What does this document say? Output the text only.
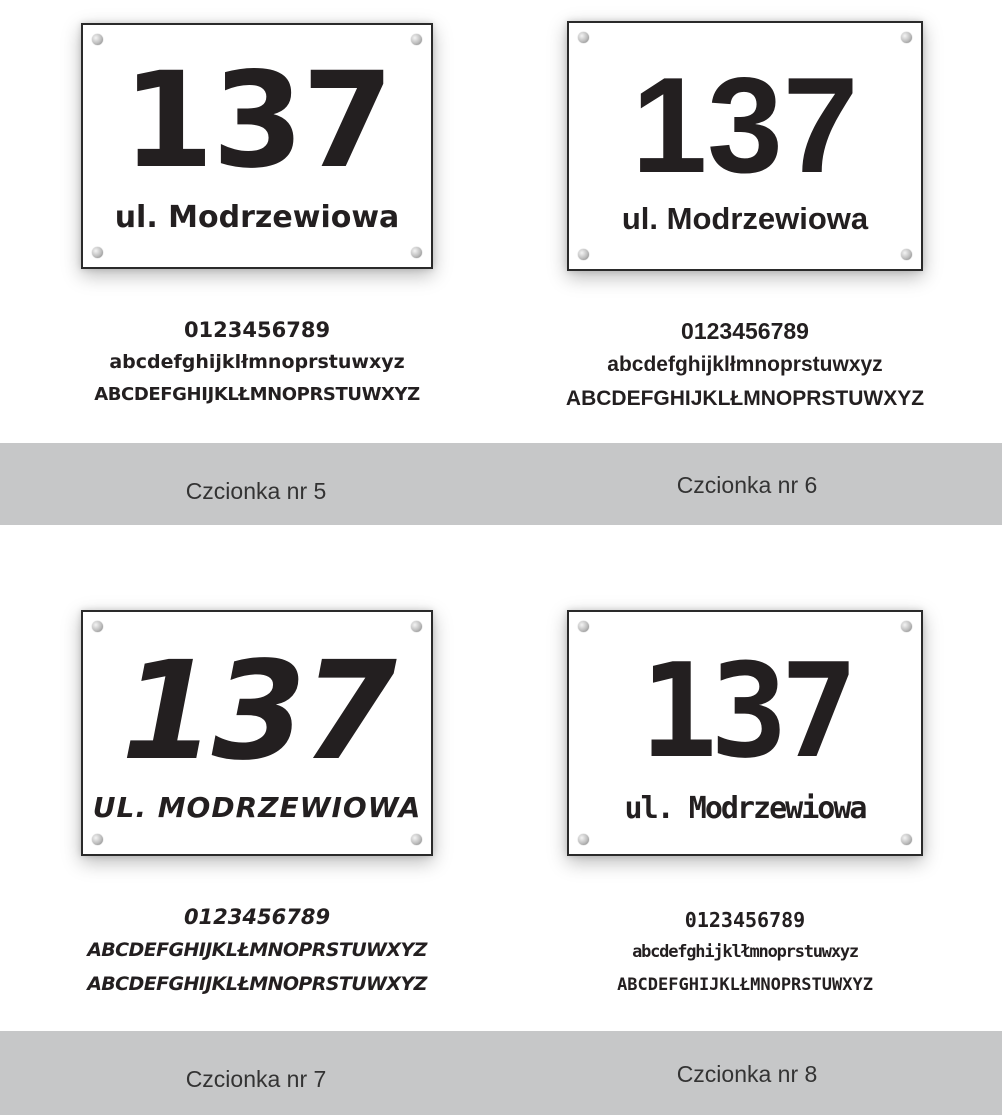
137
ul. Modrzewiowa
0123456789
abcdefghijklłmnoprstuwxyz
ABCDEFGHIJKLŁMNOPRSTUWXYZ
Czcionka nr 5
137
ul. Modrzewiowa
0123456789
abcdefghijklłmnoprstuwxyz
ABCDEFGHIJKLŁMNOPRSTUWXYZ
Czcionka nr 6
137
UL. MODRZEWIOWA
0123456789
ABCDEFGHIJKLŁMNOPRSTUWXYZ
ABCDEFGHIJKLŁMNOPRSTUWXYZ
Czcionka nr 7
137
ul. Modrzewiowa
0123456789
abcdefghijklłmnoprstuwxyz
ABCDEFGHIJKLŁMNOPRSTUWXYZ
Czcionka nr 8
